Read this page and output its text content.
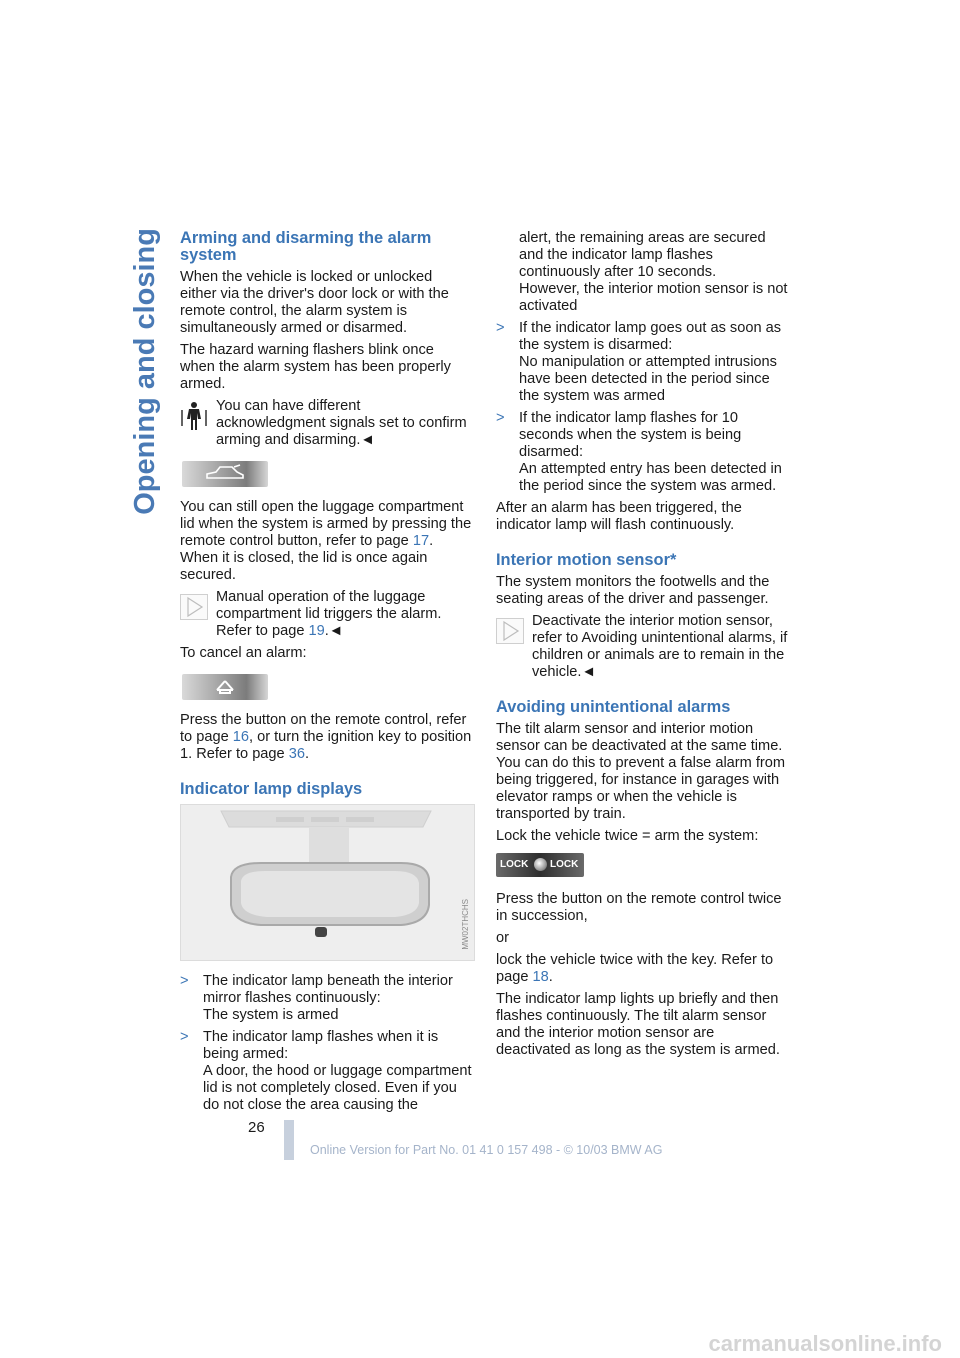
Opening and closing Arming and disarming the alarm system

When the vehicle is locked or unlocked either via the driver's door lock or with the remote control, the alarm system is simultaneously armed or disarmed.

The hazard warning flashers blink once when the alarm system has been properly armed.

You can have different acknowledgment signals set to confirm arming and disarming.◄

You can still open the luggage compartment lid when the system is armed by pressing the remote control button, refer to page 17. When it is closed, the lid is once again secured.

Manual operation of the luggage compartment lid triggers the alarm. Refer to page 19.◄

To cancel an alarm:

Press the button on the remote control, refer to page 16, or turn the ignition key to position 1. Refer to page 36.

Indicator lamp displays
MW02THCHS
> The indicator lamp beneath the interior mirror flashes continuously:
The system is armed
> The indicator lamp flashes when it is being armed:
A door, the hood or luggage compartment lid is not completely closed. Even if you do not close the area causing the
alert, the remaining areas are secured and the indicator lamp flashes continuously after 10 seconds.
However, the interior motion sensor is not activated
> If the indicator lamp goes out as soon as the system is disarmed:
No manipulation or attempted intrusions have been detected in the period since the system was armed
> If the indicator lamp flashes for 10 seconds when the system is being disarmed:
An attempted entry has been detected in the period since the system was armed.

After an alarm has been triggered, the indicator lamp will flash continuously.

Interior motion sensor*

The system monitors the footwells and the seating areas of the driver and passenger.

Deactivate the interior motion sensor, refer to Avoiding unintentional alarms, if children or animals are to remain in the vehicle.◄
Avoiding unintentional alarms

The tilt alarm sensor and interior motion sensor can be deactivated at the same time. You can do this to prevent a false alarm from being triggered, for instance in garages with elevator ramps or when the vehicle is transported by train.

Lock the vehicle twice = arm the system:

LOCK LOCK

Press the button on the remote control twice in succession,

or

lock the vehicle twice with the key. Refer to page 18.

The indicator lamp lights up briefly and then flashes continuously. The tilt alarm sensor and the interior motion sensor are deactivated as long as the system is armed.

26
Online Version for Part No. 01 41 0 157 498 - © 10/03 BMW AG
carmanualsonline.info
